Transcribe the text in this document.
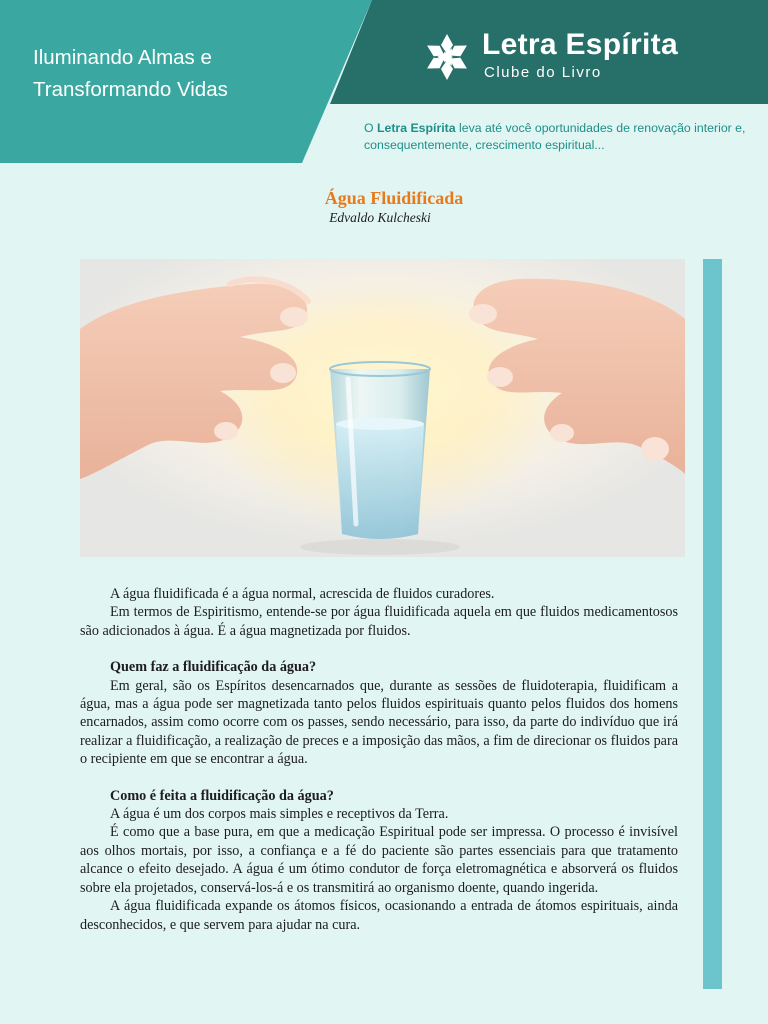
Iluminando Almas e
Transformando Vidas
Letra Espírita
Clube do Livro
O Letra Espírita leva até você oportunidades de renovação interior e, consequentemente, crescimento espiritual...
Água Fluidificada
Edvaldo Kulcheski

A água fluidificada é a água normal, acrescida de fluidos curadores.

Em termos de Espiritismo, entende-se por água fluidificada aquela em que fluidos medicamentosos são adicionados à água. É a água magnetizada por fluidos.

Quem faz a fluidificação da água?

Em geral, são os Espíritos desencarnados que, durante as sessões de fluidoterapia, fluidificam a água, mas a água pode ser magnetizada tanto pelos fluidos espirituais quanto pelos fluidos dos homens encarnados, assim como ocorre com os passes, sendo necessário, para isso, da parte do indivíduo que irá realizar a fluidificação, a realização de preces e a imposição das mãos, a fim de direcionar os fluidos para o recipiente em que se encontrar a água.

Como é feita a fluidificação da água?

A água é um dos corpos mais simples e receptivos da Terra.

É como que a base pura, em que a medicação Espiritual pode ser impressa. O processo é invisível aos olhos mortais, por isso, a confiança e a fé do paciente são partes essenciais para que tratamento alcance o efeito desejado. A água é um ótimo condutor de força eletromagnética e absorverá os fluidos sobre ela projetados, conservá-los-á e os transmitirá ao organismo doente, quando ingerida.

A água fluidificada expande os átomos físicos, ocasionando a entrada de átomos espirituais, ainda desconhecidos, e que servem para ajudar na cura.
